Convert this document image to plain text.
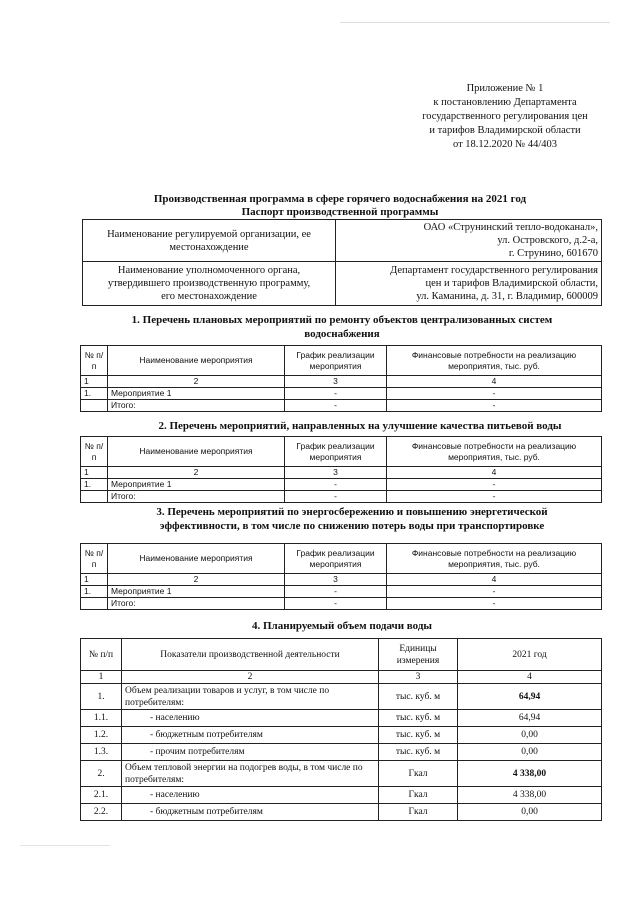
Приложение № 1
к постановлению Департамента
государственного регулирования цен
и тарифов Владимирской области
от 18.12.2020 № 44/403
Производственная программа в сфере горячего водоснабжения на 2021 год
Паспорт производственной программы
Наименование регулируемой организации, ее
местонахождение	ОАО «Струнинский тепло-водоканал»,
ул. Островского, д.2-а,
г. Струнино, 601670
Наименование уполномоченного органа,
утвердившего производственную программу,
его местонахождение	Департамент государственного регулирования
цен и тарифов Владимирской области,
ул. Каманина, д. 31, г. Владимир, 600009
1. Перечень плановых мероприятий по ремонту объектов централизованных систем
водоснабжения
№ п/п	Наименование мероприятия	График реализации мероприятия	Финансовые потребности на реализацию мероприятия, тыс. руб.
1	2	3	4
1.	Мероприятие 1	-	-
	Итого:	-	-
2. Перечень мероприятий, направленных на улучшение качества питьевой воды
№ п/п	Наименование мероприятия	График реализации мероприятия	Финансовые потребности на реализацию мероприятия, тыс. руб.
1	2	3	4
1.	Мероприятие 1	-	-
	Итого:	-	-
3. Перечень мероприятий по энергосбережению и повышению энергетической
эффективности, в том числе по снижению потерь воды при транспортировке
№ п/п	Наименование мероприятия	График реализации мероприятия	Финансовые потребности на реализацию мероприятия, тыс. руб.
1	2	3	4
1.	Мероприятие 1	-	-
	Итого:	-	-
4. Планируемый объем подачи воды
№ п/п	Показатели производственной деятельности	Единицы измерения	2021 год
1	2	3	4
1.	Объем реализации товаров и услуг, в том числе по потребителям:	тыс. куб. м	64,94
1.1.	- населению	тыс. куб. м	64,94
1.2.	- бюджетным потребителям	тыс. куб. м	0,00
1.3.	- прочим потребителям	тыс. куб. м	0,00
2.	Объем тепловой энергии на подогрев воды, в том числе по потребителям:	Гкал	4 338,00
2.1.	- населению	Гкал	4 338,00
2.2.	- бюджетным потребителям	Гкал	0,00
